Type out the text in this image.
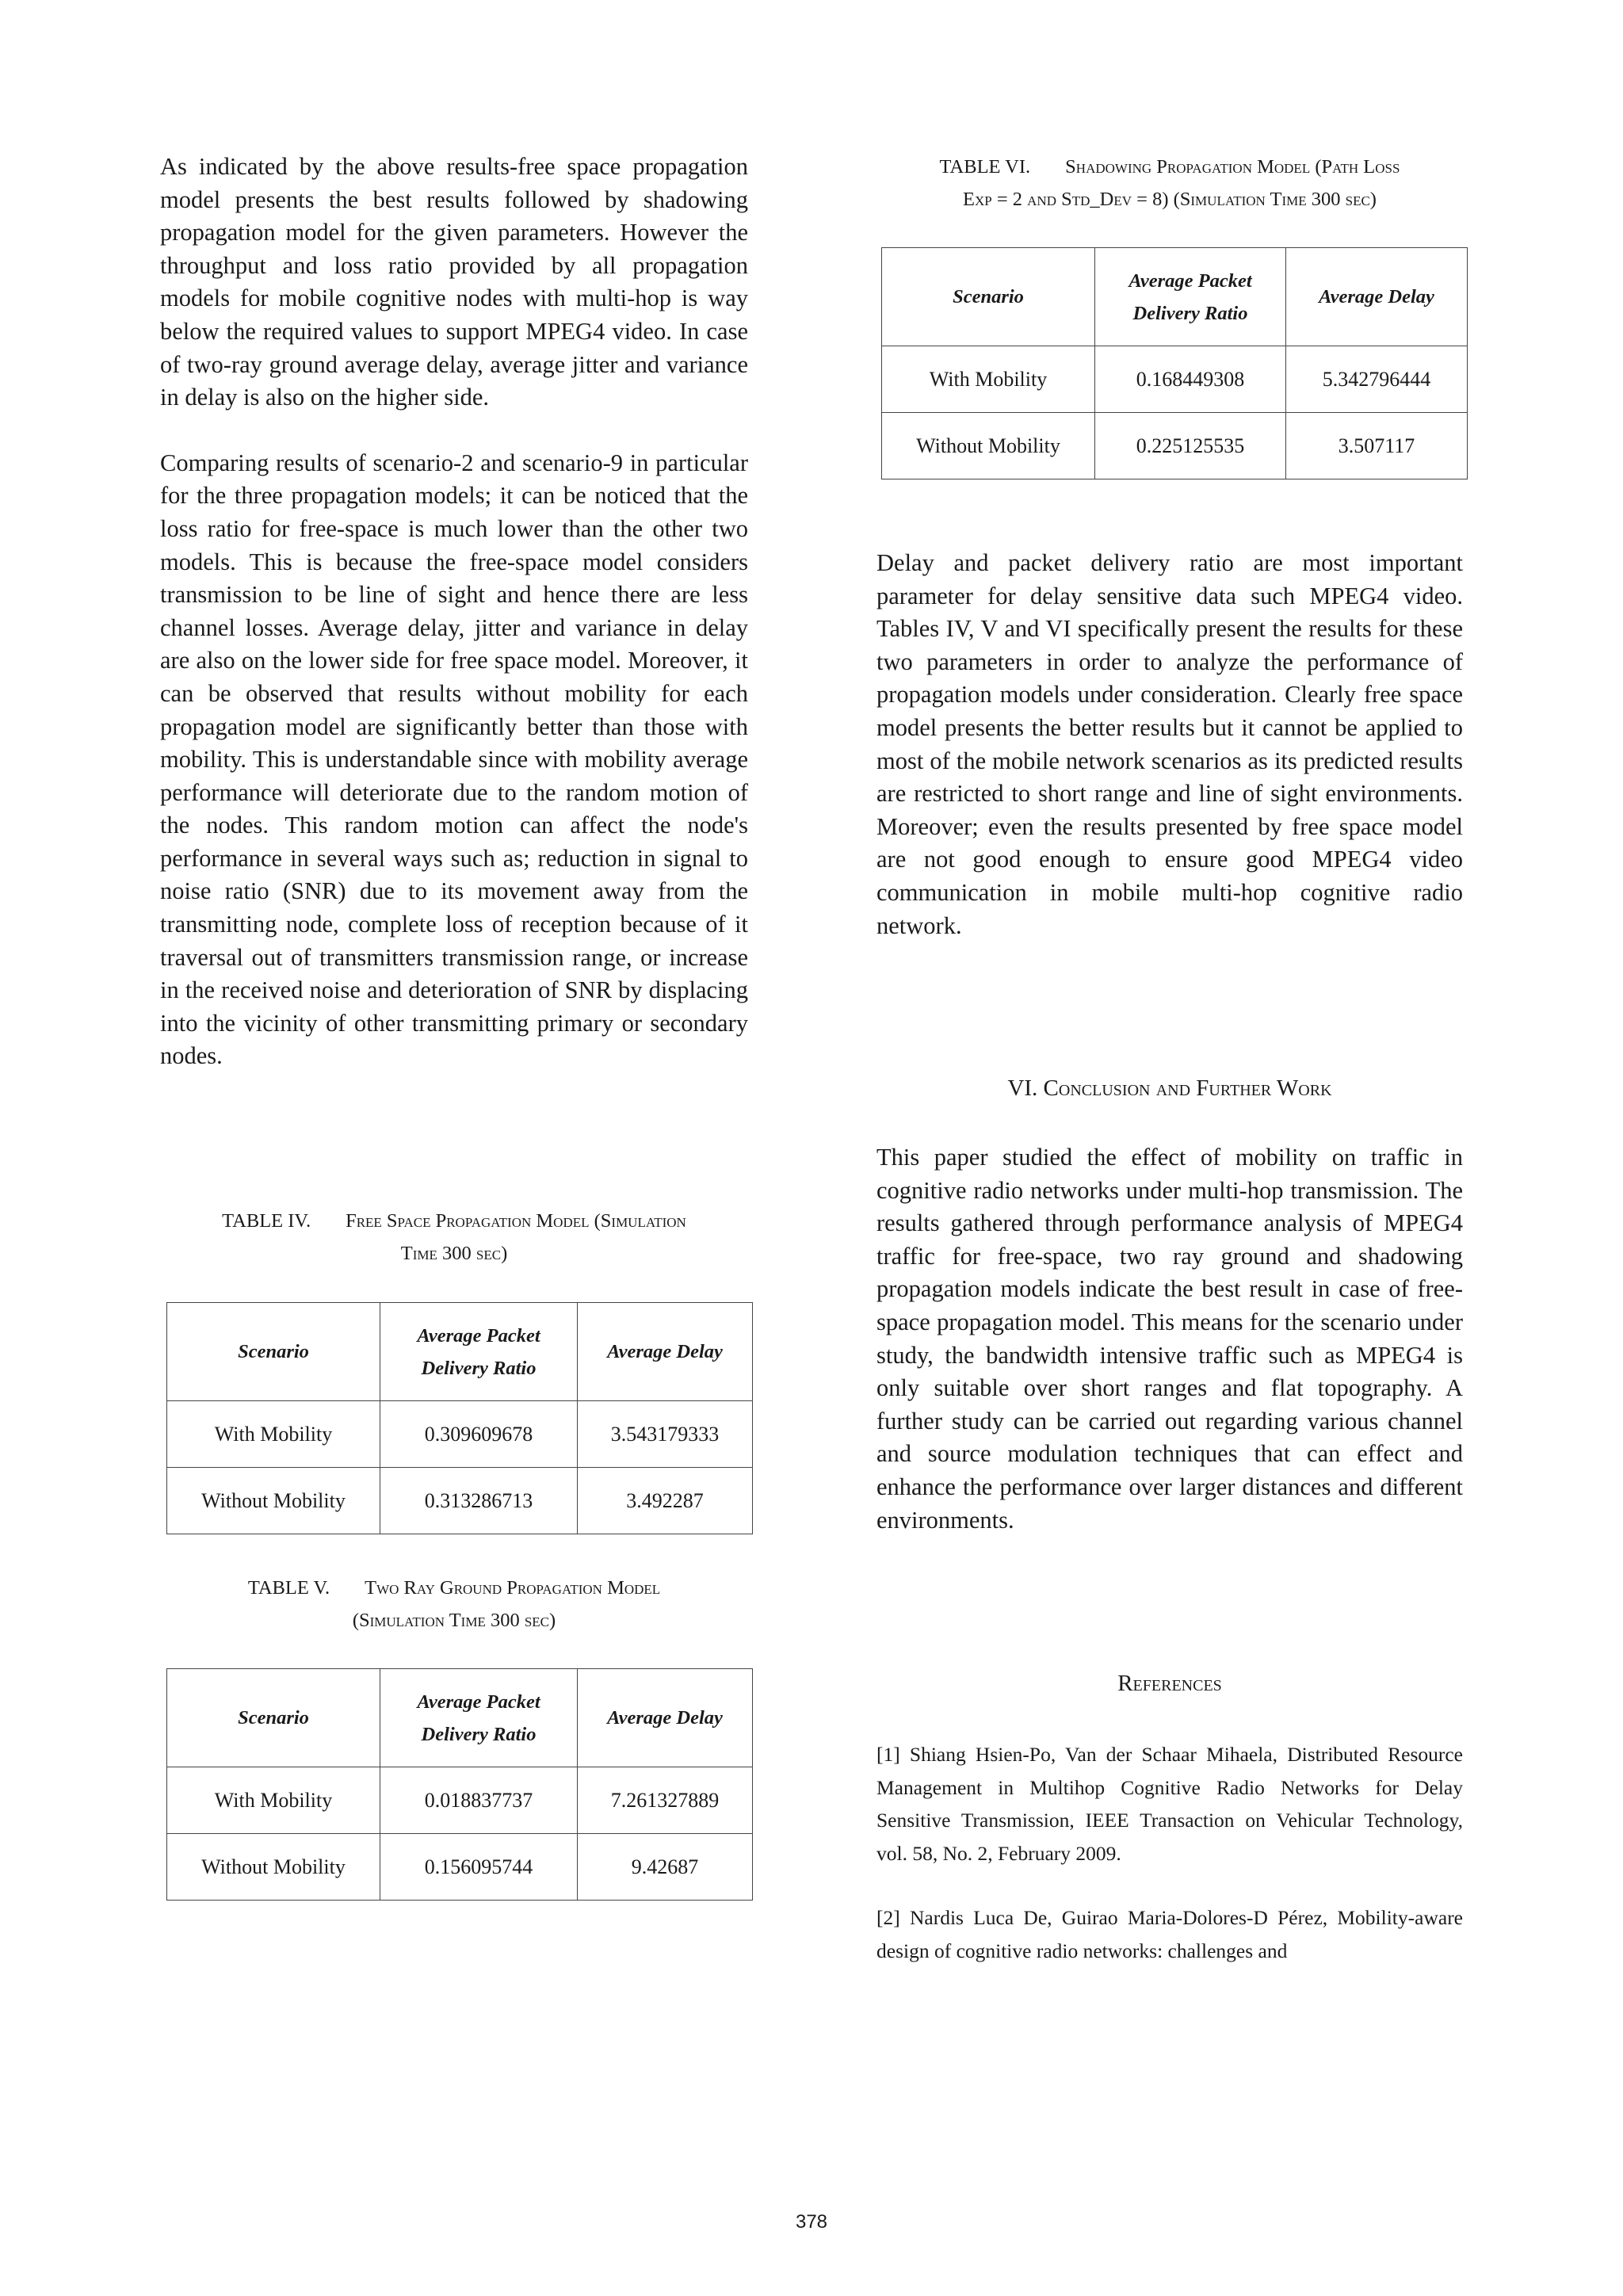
As indicated by the above results-free space propagation model presents the best results followed by shadowing propagation model for the given parameters. However the throughput and loss ratio provided by all propagation models for mobile cognitive nodes with multi-hop is way below the required values to support MPEG4 video. In case of two-ray ground average delay, average jitter and variance in delay is also on the higher side.

Comparing results of scenario-2 and scenario-9 in particular for the three propagation models; it can be noticed that the loss ratio for free-space is much lower than the other two models. This is because the free-space model considers transmission to be line of sight and hence there are less channel losses. Average delay, jitter and variance in delay are also on the lower side for free space model. Moreover, it can be observed that results without mobility for each propagation model are significantly better than those with mobility. This is understandable since with mobility average performance will deteriorate due to the random motion of the nodes. This random motion can affect the node's performance in several ways such as; reduction in signal to noise ratio (SNR) due to its movement away from the transmitting node, complete loss of reception because of it traversal out of transmitters transmission range, or increase in the received noise and deterioration of SNR by displacing into the vicinity of other transmitting primary or secondary nodes.

TABLE IV. Free Space Propagation Model (Simulation

Time 300 sec)

Scenario	Average Packet Delivery Ratio	Average Delay
With Mobility	0.309609678	3.543179333
Without Mobility	0.313286713	3.492287

TABLE V. Two Ray Ground Propagation Model

(Simulation Time 300 sec)

Scenario	Average Packet Delivery Ratio	Average Delay
With Mobility	0.018837737	7.261327889
Without Mobility	0.156095744	9.42687

TABLE VI. Shadowing Propagation Model (Path Loss

Exp = 2 and Std_Dev = 8) (Simulation Time 300 sec)

Scenario	Average Packet Delivery Ratio	Average Delay
With Mobility	0.168449308	5.342796444
Without Mobility	0.225125535	3.507117

Delay and packet delivery ratio are most important parameter for delay sensitive data such MPEG4 video. Tables IV, V and VI specifically present the results for these two parameters in order to analyze the performance of propagation models under consideration. Clearly free space model presents the better results but it cannot be applied to most of the mobile network scenarios as its predicted results are restricted to short range and line of sight environments. Moreover; even the results presented by free space model are not good enough to ensure good MPEG4 video communication in mobile multi-hop cognitive radio network.

VI. Conclusion and Further Work

This paper studied the effect of mobility on traffic in cognitive radio networks under multi-hop transmission. The results gathered through performance analysis of MPEG4 traffic for free-space, two ray ground and shadowing propagation models indicate the best result in case of free-space propagation model. This means for the scenario under study, the bandwidth intensive traffic such as MPEG4 is only suitable over short ranges and flat topography. A further study can be carried out regarding various channel and source modulation techniques that can effect and enhance the performance over larger distances and different environments.

References

[1] Shiang Hsien-Po, Van der Schaar Mihaela, Distributed Resource Management in Multihop Cognitive Radio Networks for Delay Sensitive Transmission, IEEE Transaction on Vehicular Technology, vol. 58, No. 2, February 2009.

[2] Nardis Luca De, Guirao Maria-Dolores-D Pérez, Mobility-aware design of cognitive radio networks: challenges and

378
